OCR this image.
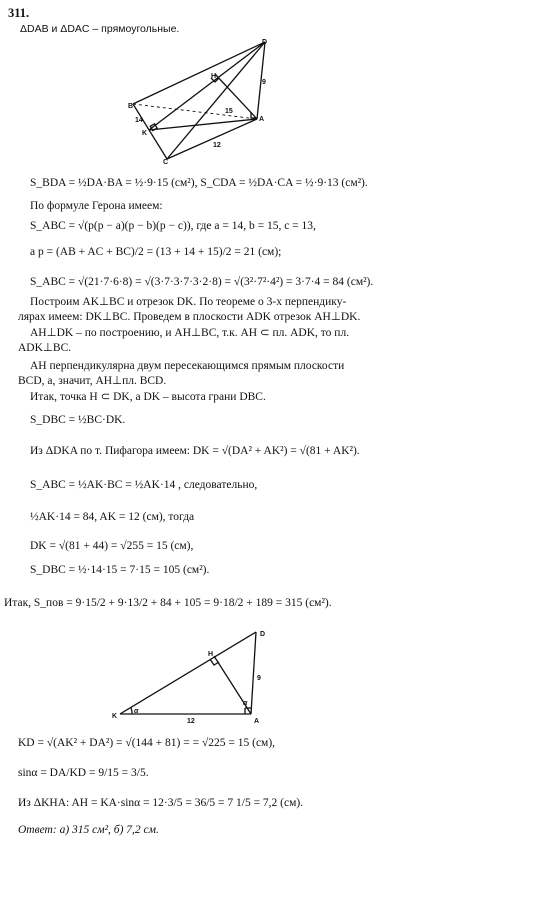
311.
ΔDAB и ΔDAC – прямоугольные.
D
H
B
K
A
C
9
14
15
12
S_BDA = ½DA·BA = ½·9·15 (см²), S_CDA = ½DA·CA = ½·9·13 (см²).
По формуле Герона имеем:
S_ABC = √(p(p − a)(p − b)(p − c)), где a = 14, b = 15, c = 13,
а p = (AB + AC + BC)/2 = (13 + 14 + 15)/2 = 21 (см);
S_ABC = √(21·7·6·8) = √(3·7·3·7·3·2·8) = √(3²·7²·4²) = 3·7·4 = 84 (см²).
Построим AK⊥BC и отрезок DK. По теореме о 3-х перпендику-
лярах имеем: DK⊥BC. Проведем в плоскости ADK отрезок AH⊥DK.
AH⊥DK – по построению, и AH⊥BC, т.к. AH ⊂ пл. ADK, то пл.
ADK⊥BC.
AH перпендикулярна двум пересекающимся прямым плоскости
BCD, а, значит, AH⊥пл. BCD.
Итак, точка H ⊂ DK, а DK – высота грани DBC.
S_DBC = ½BC·DK.
Из ΔDKA по т. Пифагора имеем: DK = √(DA² + AK²) = √(81 + AK²).
S_ABC = ½AK·BC = ½AK·14 , следовательно,
½AK·14 = 84, AK = 12 (см), тогда
DK = √(81 + 44) = √255 = 15 (см),
S_DBC = ½·14·15 = 7·15 = 105 (см²).
Итак, S_пов = 9·15/2 + 9·13/2 + 84 + 105 = 9·18/2 + 189 = 315 (см²).
D
H
K
A
9
12
α
α
KD = √(AK² + DA²) = √(144 + 81) = = √225 = 15 (см),
sinα = DA/KD = 9/15 = 3/5.
Из ΔKHA: AH = KA·sinα = 12·3/5 = 36/5 = 7 1/5 = 7,2 (см).
Ответ: а) 315 см², б) 7,2 см.
